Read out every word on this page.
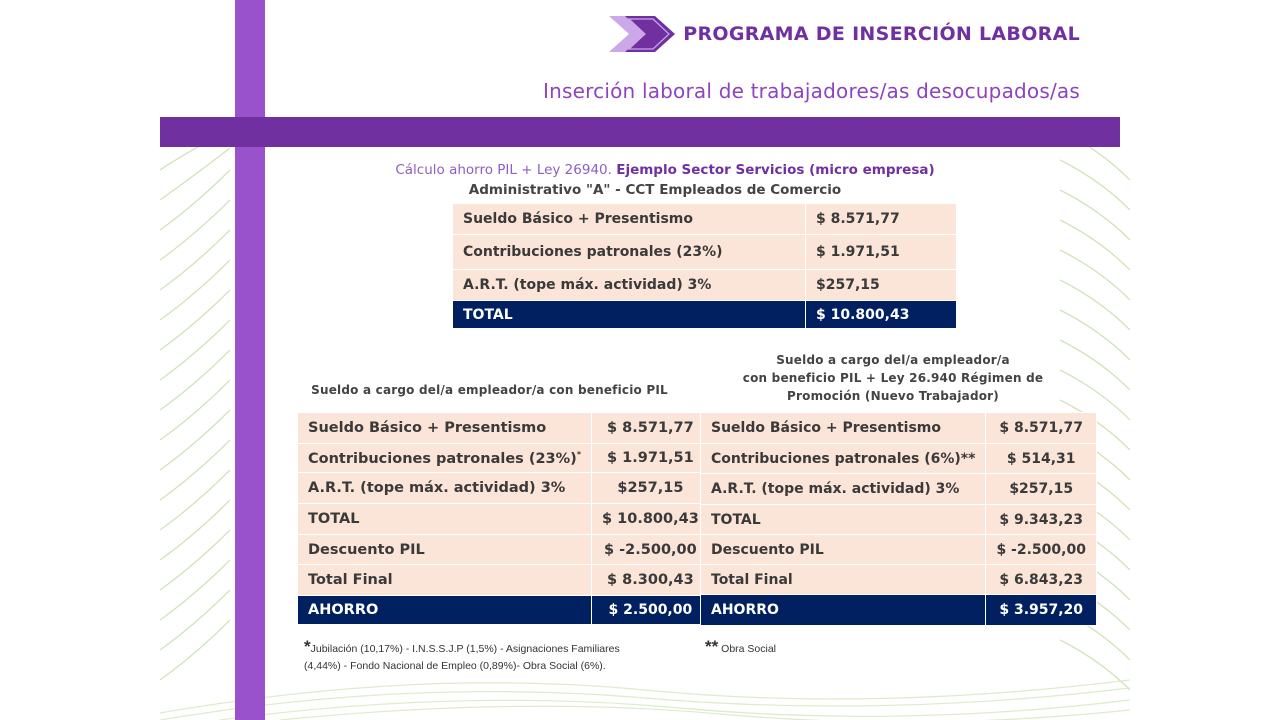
PROGRAMA DE INSERCIÓN LABORAL
Inserción laboral de trabajadores/as desocupados/as
Cálculo ahorro PIL + Ley 26940. Ejemplo Sector Servicios (micro empresa)
Administrativo "A" - CCT Empleados de Comercio
Sueldo Básico + Presentismo	$ 8.571,77
Contribuciones patronales (23%)	$ 1.971,51
A.R.T. (tope máx. actividad) 3%	$257,15
TOTAL	$ 10.800,43
Sueldo a cargo del/a empleador/a con beneficio PIL
Sueldo Básico + Presentismo	$ 8.571,77
Contribuciones patronales (23%)*	$ 1.971,51
A.R.T. (tope máx. actividad) 3%	$257,15
TOTAL	$ 10.800,43
Descuento PIL	$ -2.500,00
Total Final	$ 8.300,43
AHORRO	$ 2.500,00
Sueldo a cargo del/a empleador/a
con beneficio PIL + Ley 26.940 Régimen de
Promoción (Nuevo Trabajador)
Sueldo Básico + Presentismo	$ 8.571,77
Contribuciones patronales (6%)**	$ 514,31
A.R.T. (tope máx. actividad) 3%	$257,15
TOTAL	$ 9.343,23
Descuento PIL	$ -2.500,00
Total Final	$ 6.843,23
AHORRO	$ 3.957,20
*Jubilación (10,17%) - I.N.S.S.J.P (1,5%) - Asignaciones Familiares
(4,44%) - Fondo Nacional de Empleo (0,89%)- Obra Social (6%).
** Obra Social
